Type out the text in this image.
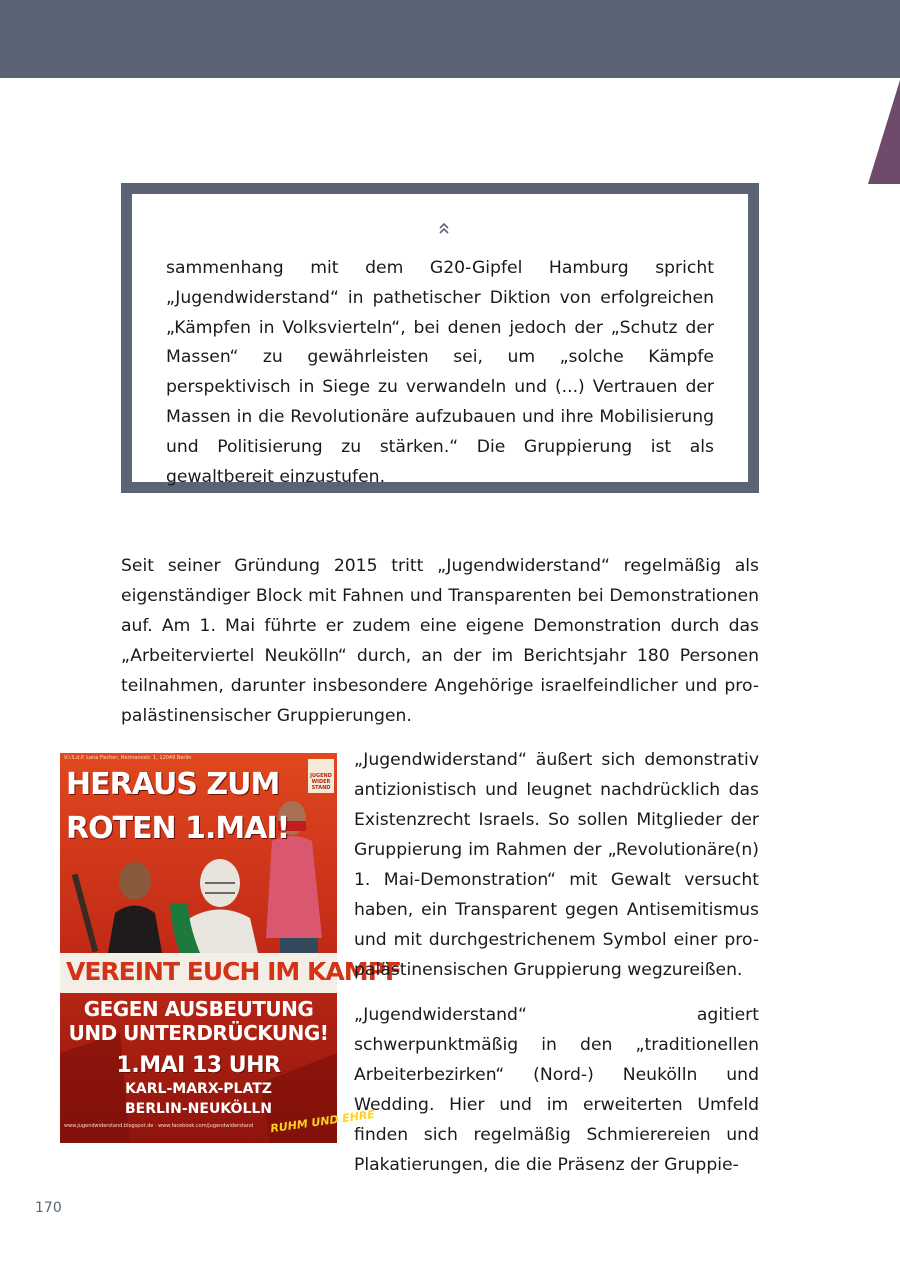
sammenhang mit dem G20-Gipfel Hamburg spricht „Jugendwiderstand“ in pathetischer Diktion von erfolgreichen „Kämpfen in Volksvierteln“, bei denen jedoch der „Schutz der Massen“ zu gewährleisten sei, um „solche Kämpfe perspektivisch in Siege zu verwandeln und (...) Vertrauen der Massen in die Revolutionäre aufzubauen und ihre Mobilisierung und Politisierung zu stärken.“ Die Gruppierung ist als gewaltbereit einzustufen.

Seit seiner Gründung 2015 tritt „Jugendwiderstand“ regelmäßig als eigenständiger Block mit Fahnen und Transparenten bei Demonstrationen auf. Am 1. Mai führte er zudem eine eigene Demonstration durch das „Arbeiterviertel Neukölln“ durch, an der im Berichtsjahr 180 Personen teilnahmen, darunter insbesondere Angehörige israelfeindlicher und pro-palästinensischer Gruppierungen.

V.i.S.d.P. Lena Fischer, Hermannstr. 1, 12049 Berlin

JUGEND WIDER STAND

HERAUS ZUM

ROTEN 1.MAI!

VEREINT EUCH IM KAMPF

GEGEN AUSBEUTUNG

UND UNTERDRÜCKUNG!

1.MAI 13 UHR

KARL-MARX-PLATZ

BERLIN-NEUKÖLLN

www.jugendwiderstand.blogspot.de · www.facebook.com/jugendwiderstand RUHM UND EHRE

„Jugendwiderstand“ äußert sich demonstrativ antizionistisch und leugnet nachdrücklich das Existenzrecht Israels. So sollen Mitglieder der Gruppierung im Rahmen der „Revolutionäre(n) 1. Mai-Demonstration“ mit Gewalt versucht haben, ein Transparent gegen Antisemitismus und mit durchgestrichenem Symbol einer pro-palästinensischen Gruppierung wegzureißen.

„Jugendwiderstand“ agitiert schwerpunktmäßig in den „traditionellen Arbeiterbezirken“ (Nord-) Neukölln und Wedding. Hier und im erweiterten Umfeld finden sich regelmäßig Schmierereien und Plakatierungen, die die Präsenz der Gruppie-

170
